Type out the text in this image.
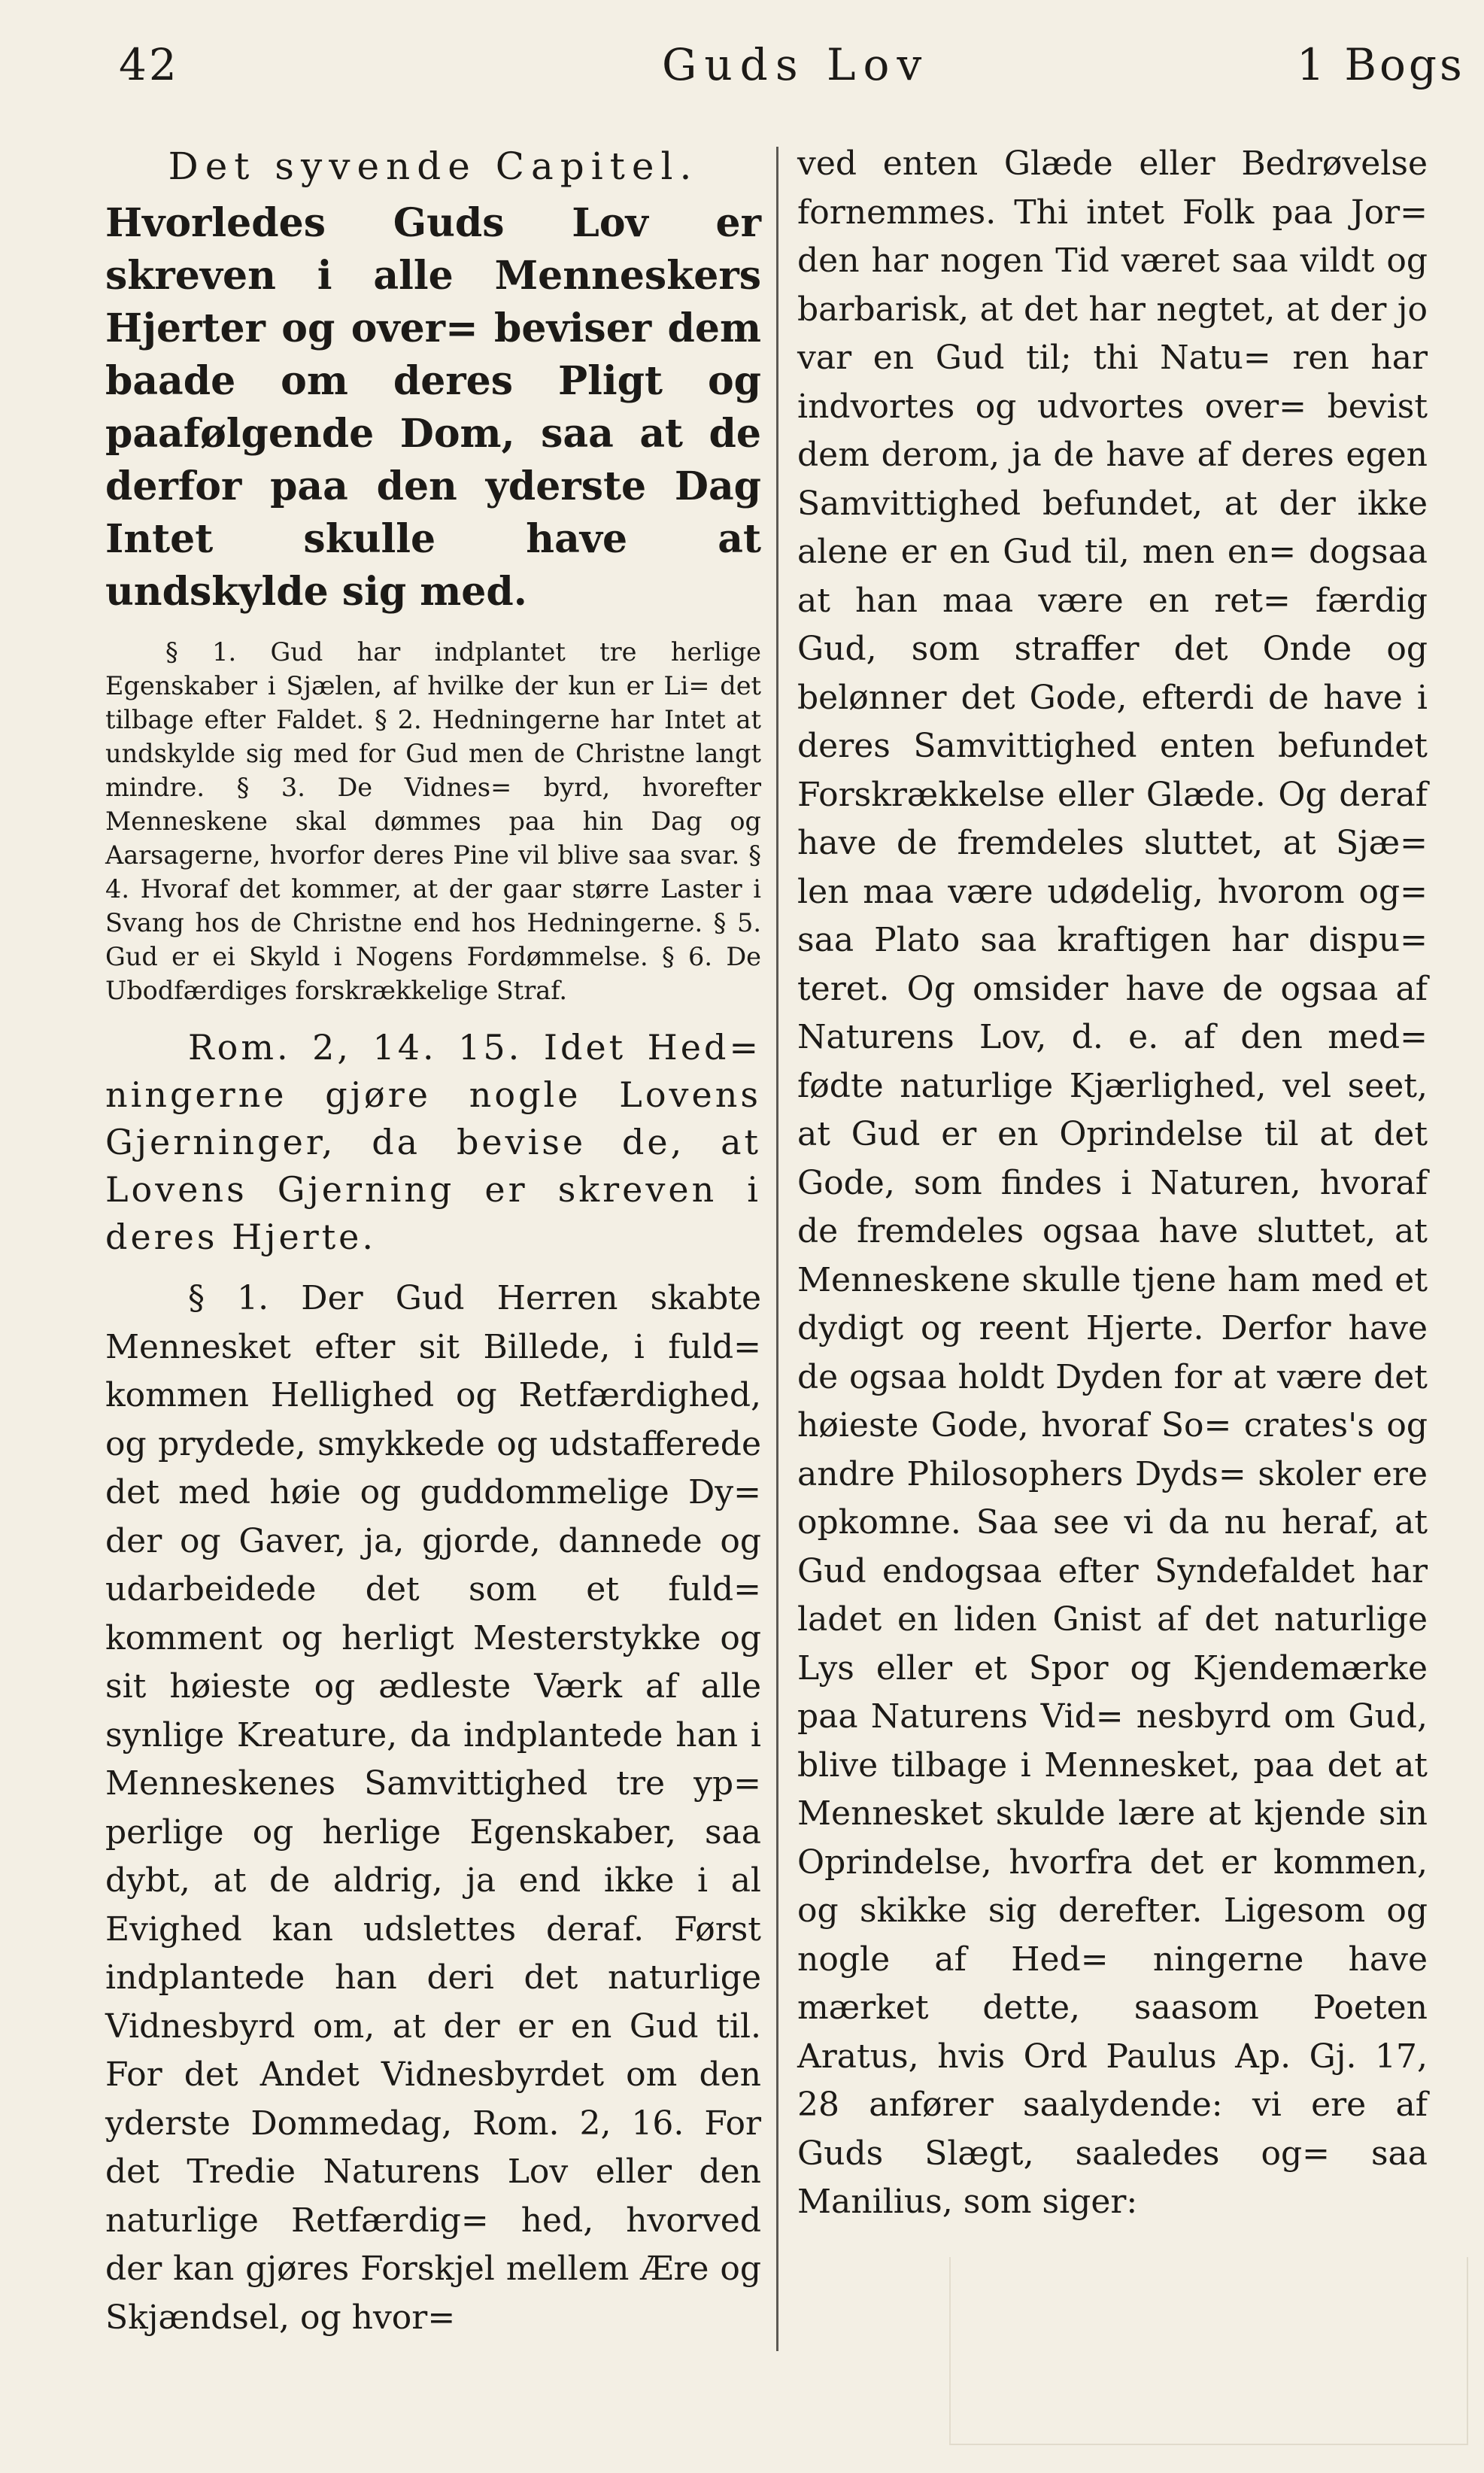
42	Guds Lov	1 Bogs
Det syvende Capitel.
Hvorledes Guds Lov er skreven i alle Menneskers Hjerter og over= beviser dem baade om deres Pligt og paafølgende Dom, saa at de derfor paa den yderste Dag Intet skulle have at undskylde sig med.
§ 1. Gud har indplantet tre herlige Egenskaber i Sjælen, af hvilke der kun er Li= det tilbage efter Faldet. § 2. Hedningerne har Intet at undskylde sig med for Gud men de Christne langt mindre. § 3. De Vidnes= byrd, hvorefter Menneskene skal dømmes paa hin Dag og Aarsagerne, hvorfor deres Pine vil blive saa svar. § 4. Hvoraf det kommer, at der gaar større Laster i Svang hos de Christne end hos Hedningerne. § 5. Gud er ei Skyld i Nogens Fordømmelse. § 6. De Ubodfærdiges forskrækkelige Straf.
Rom. 2, 14. 15. Idet Hed= ningerne gjøre nogle Lovens Gjerninger, da bevise de, at Lovens Gjerning er skreven i deres Hjerte.
§ 1. Der Gud Herren skabte Mennesket efter sit Billede, i fuld= kommen Hellighed og Retfærdighed, og prydede, smykkede og udstafferede det med høie og guddommelige Dy= der og Gaver, ja, gjorde, dannede og udarbeidede det som et fuld= komment og herligt Mesterstykke og sit høieste og ædleste Værk af alle synlige Kreature, da indplantede han i Menneskenes Samvittighed tre yp= perlige og herlige Egenskaber, saa dybt, at de aldrig, ja end ikke i al Evighed kan udslettes deraf. Først indplantede han deri det naturlige Vidnesbyrd om, at der er en Gud til. For det Andet Vidnesbyrdet om den yderste Dommedag, Rom. 2, 16. For det Tredie Naturens Lov eller den naturlige Retfærdig= hed, hvorved der kan gjøres Forskjel mellem Ære og Skjændsel, og hvor=
ved enten Glæde eller Bedrøvelse fornemmes. Thi intet Folk paa Jor= den har nogen Tid været saa vildt og barbarisk, at det har negtet, at der jo var en Gud til; thi Natu= ren har indvortes og udvortes over= bevist dem derom, ja de have af deres egen Samvittighed befundet, at der ikke alene er en Gud til, men en= dogsaa at han maa være en ret= færdig Gud, som straffer det Onde og belønner det Gode, efterdi de have i deres Samvittighed enten befundet Forskrækkelse eller Glæde. Og deraf have de fremdeles sluttet, at Sjæ= len maa være udødelig, hvorom og= saa Plato saa kraftigen har dispu= teret. Og omsider have de ogsaa af Naturens Lov, d. e. af den med= fødte naturlige Kjærlighed, vel seet, at Gud er en Oprindelse til at det Gode, som findes i Naturen, hvoraf de fremdeles ogsaa have sluttet, at Menneskene skulle tjene ham med et dydigt og reent Hjerte. Derfor have de ogsaa holdt Dyden for at være det høieste Gode, hvoraf So= crates's og andre Philosophers Dyds= skoler ere opkomne. Saa see vi da nu heraf, at Gud endogsaa efter Syndefaldet har ladet en liden Gnist af det naturlige Lys eller et Spor og Kjendemærke paa Naturens Vid= nesbyrd om Gud, blive tilbage i Mennesket, paa det at Mennesket skulde lære at kjende sin Oprindelse, hvorfra det er kommen, og skikke sig derefter. Ligesom og nogle af Hed= ningerne have mærket dette, saasom Poeten Aratus, hvis Ord Paulus Ap. Gj. 17, 28 anfører saalydende: vi ere af Guds Slægt, saaledes og= saa Manilius, som siger:
